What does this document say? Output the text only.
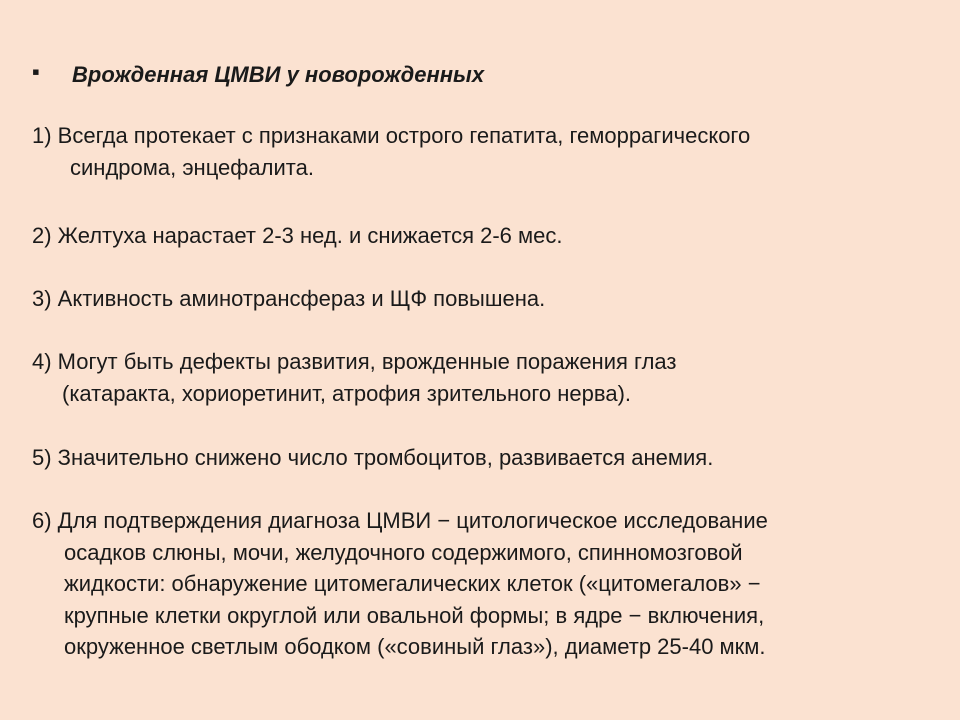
▪	Врожденная ЦМВИ у новорожденных
1) Всегда протекает с признаками острого гепатита, геморрагического
синдрома, энцефалита.
2) Желтуха нарастает 2-3 нед. и снижается 2-6 мес.
3) Активность аминотрансфераз и ЩФ повышена.
4) Могут быть дефекты развития, врожденные поражения глаз
(катаракта, хориоретинит, атрофия зрительного нерва).
5) Значительно снижено число тромбоцитов, развивается анемия.
6) Для подтверждения диагноза ЦМВИ − цитологическое исследование
осадков слюны, мочи, желудочного содержимого, спинномозговой
жидкости: обнаружение цитомегалических клеток («цитомегалов» −
крупные клетки округлой или овальной формы; в ядре − включения,
окруженное светлым ободком («совиный глаз»), диаметр 25-40 мкм.
